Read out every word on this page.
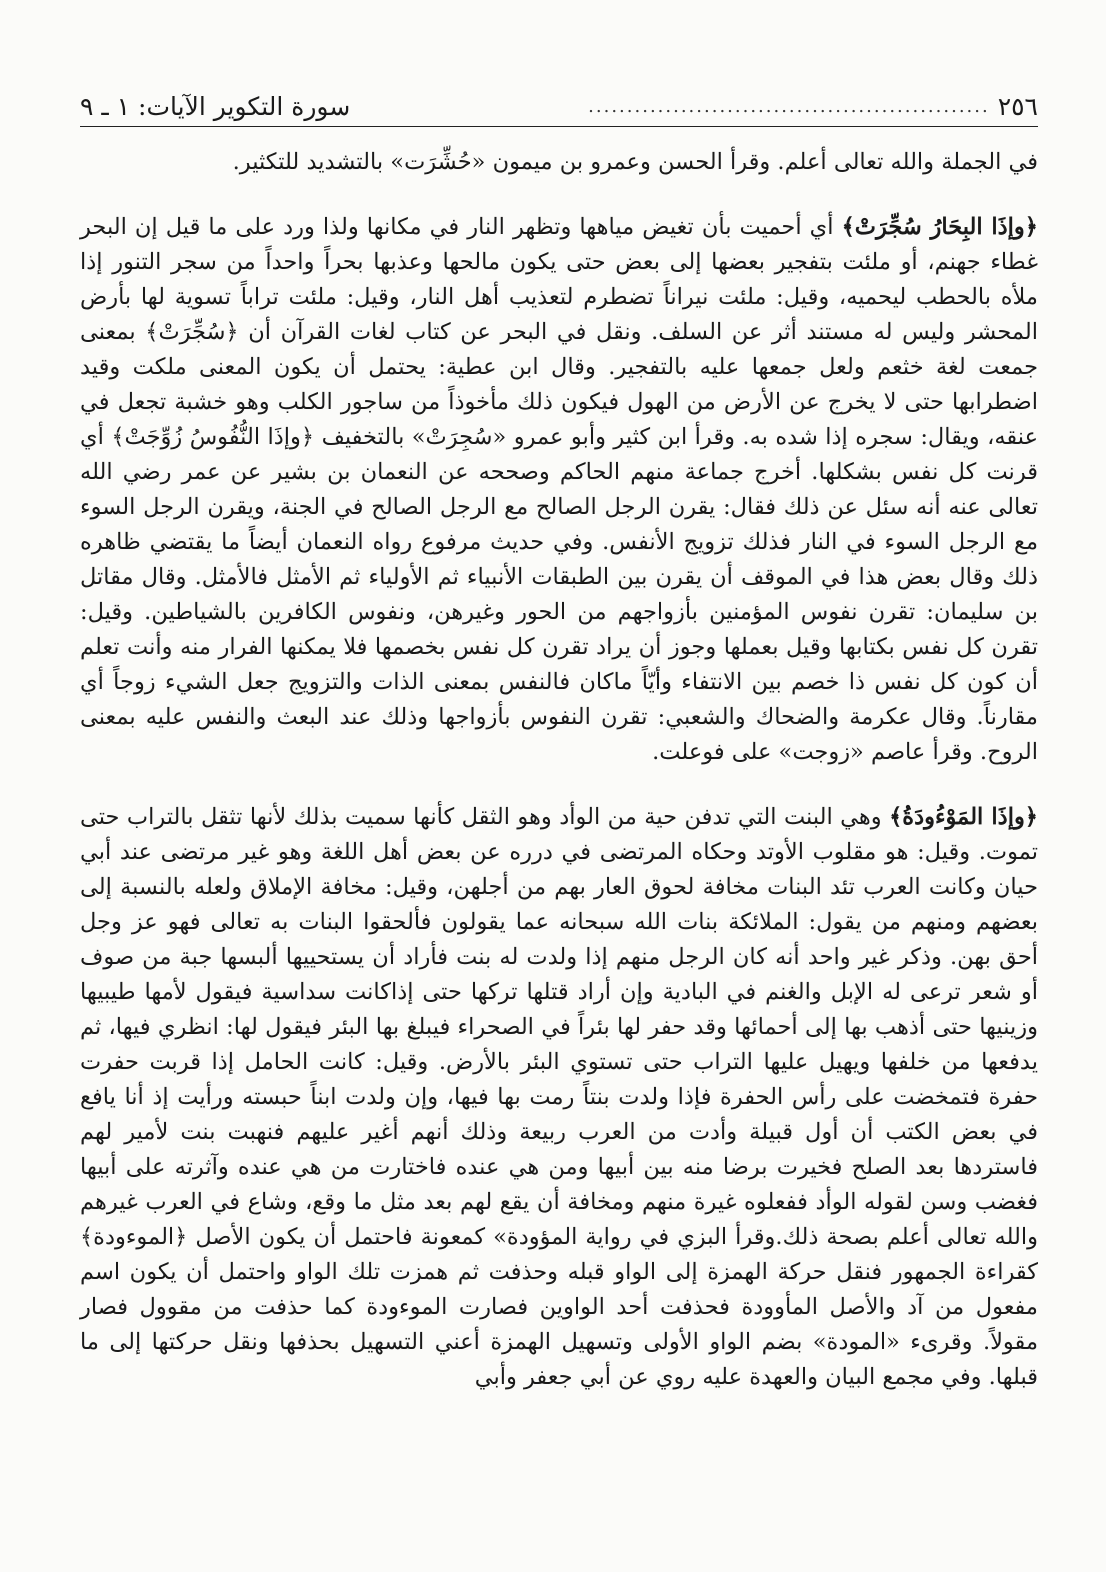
٢٥٦
....................................................
سورة التكوير الآيات: ١ ـ ٩

في الجملة والله تعالى أعلم. وقرأ الحسن وعمرو بن ميمون «حُشِّرَت» بالتشديد للتكثير.

﴿وإذَا البِحَارُ سُجِّرَتْ﴾ أي أحميت بأن تغيض مياهها وتظهر النار في مكانها ولذا ورد على ما قيل إن البحر غطاء جهنم، أو ملئت بتفجير بعضها إلى بعض حتى يكون مالحها وعذبها بحراً واحداً من سجر التنور إذا ملأه بالحطب ليحميه، وقيل: ملئت نيراناً تضطرم لتعذيب أهل النار، وقيل: ملئت تراباً تسوية لها بأرض المحشر وليس له مستند أثر عن السلف. ونقل في البحر عن كتاب لغات القرآن أن ﴿سُجِّرَتْ﴾ بمعنى جمعت لغة خثعم ولعل جمعها عليه بالتفجير. وقال ابن عطية: يحتمل أن يكون المعنى ملكت وقيد اضطرابها حتى لا يخرج عن الأرض من الهول فيكون ذلك مأخوذاً من ساجور الكلب وهو خشبة تجعل في عنقه، ويقال: سجره إذا شده به. وقرأ ابن كثير وأبو عمرو «سُجِرَتْ» بالتخفيف ﴿وإذَا النُّفُوسُ زُوِّجَتْ﴾ أي قرنت كل نفس بشكلها. أخرج جماعة منهم الحاكم وصححه عن النعمان بن بشير عن عمر رضي الله تعالى عنه أنه سئل عن ذلك فقال: يقرن الرجل الصالح مع الرجل الصالح في الجنة، ويقرن الرجل السوء مع الرجل السوء في النار فذلك تزويج الأنفس. وفي حديث مرفوع رواه النعمان أيضاً ما يقتضي ظاهره ذلك وقال بعض هذا في الموقف أن يقرن بين الطبقات الأنبياء ثم الأولياء ثم الأمثل فالأمثل. وقال مقاتل بن سليمان: تقرن نفوس المؤمنين بأزواجهم من الحور وغيرهن، ونفوس الكافرين بالشياطين. وقيل: تقرن كل نفس بكتابها وقيل بعملها وجوز أن يراد تقرن كل نفس بخصمها فلا يمكنها الفرار منه وأنت تعلم أن كون كل نفس ذا خصم بين الانتفاء وأيّاً ماكان فالنفس بمعنى الذات والتزويج جعل الشيء زوجاً أي مقارناً. وقال عكرمة والضحاك والشعبي: تقرن النفوس بأزواجها وذلك عند البعث والنفس عليه بمعنى الروح. وقرأ عاصم «زوجت» على فوعلت.

﴿وإذَا المَوْءُودَةُ﴾ وهي البنت التي تدفن حية من الوأد وهو الثقل كأنها سميت بذلك لأنها تثقل بالتراب حتى تموت. وقيل: هو مقلوب الأوتد وحكاه المرتضى في درره عن بعض أهل اللغة وهو غير مرتضى عند أبي حيان وكانت العرب تئد البنات مخافة لحوق العار بهم من أجلهن، وقيل: مخافة الإملاق ولعله بالنسبة إلى بعضهم ومنهم من يقول: الملائكة بنات الله سبحانه عما يقولون فألحقوا البنات به تعالى فهو عز وجل أحق بهن. وذكر غير واحد أنه كان الرجل منهم إذا ولدت له بنت فأراد أن يستحييها ألبسها جبة من صوف أو شعر ترعى له الإبل والغنم في البادية وإن أراد قتلها تركها حتى إذاكانت سداسية فيقول لأمها طيبيها وزينيها حتى أذهب بها إلى أحمائها وقد حفر لها بئراً في الصحراء فيبلغ بها البئر فيقول لها: انظري فيها، ثم يدفعها من خلفها ويهيل عليها التراب حتى تستوي البئر بالأرض. وقيل: كانت الحامل إذا قربت حفرت حفرة فتمخضت على رأس الحفرة فإذا ولدت بنتاً رمت بها فيها، وإن ولدت ابناً حبسته ورأيت إذ أنا يافع في بعض الكتب أن أول قبيلة وأدت من العرب ربيعة وذلك أنهم أغير عليهم فنهبت بنت لأمير لهم فاستردها بعد الصلح فخيرت برضا منه بين أبيها ومن هي عنده فاختارت من هي عنده وآثرته على أبيها فغضب وسن لقوله الوأد ففعلوه غيرة منهم ومخافة أن يقع لهم بعد مثل ما وقع، وشاع في العرب غيرهم والله تعالى أعلم بصحة ذلك.وقرأ البزي في رواية المؤودة» كمعونة فاحتمل أن يكون الأصل ﴿الموءودة﴾ كقراءة الجمهور فنقل حركة الهمزة إلى الواو قبله وحذفت ثم همزت تلك الواو واحتمل أن يكون اسم مفعول من آد والأصل المأوودة فحذفت أحد الواوين فصارت الموءودة كما حذفت من مقوول فصار مقولاً. وقرىء «المودة» بضم الواو الأولى وتسهيل الهمزة أعني التسهيل بحذفها ونقل حركتها إلى ما قبلها. وفي مجمع البيان والعهدة عليه روي عن أبي جعفر وأبي
